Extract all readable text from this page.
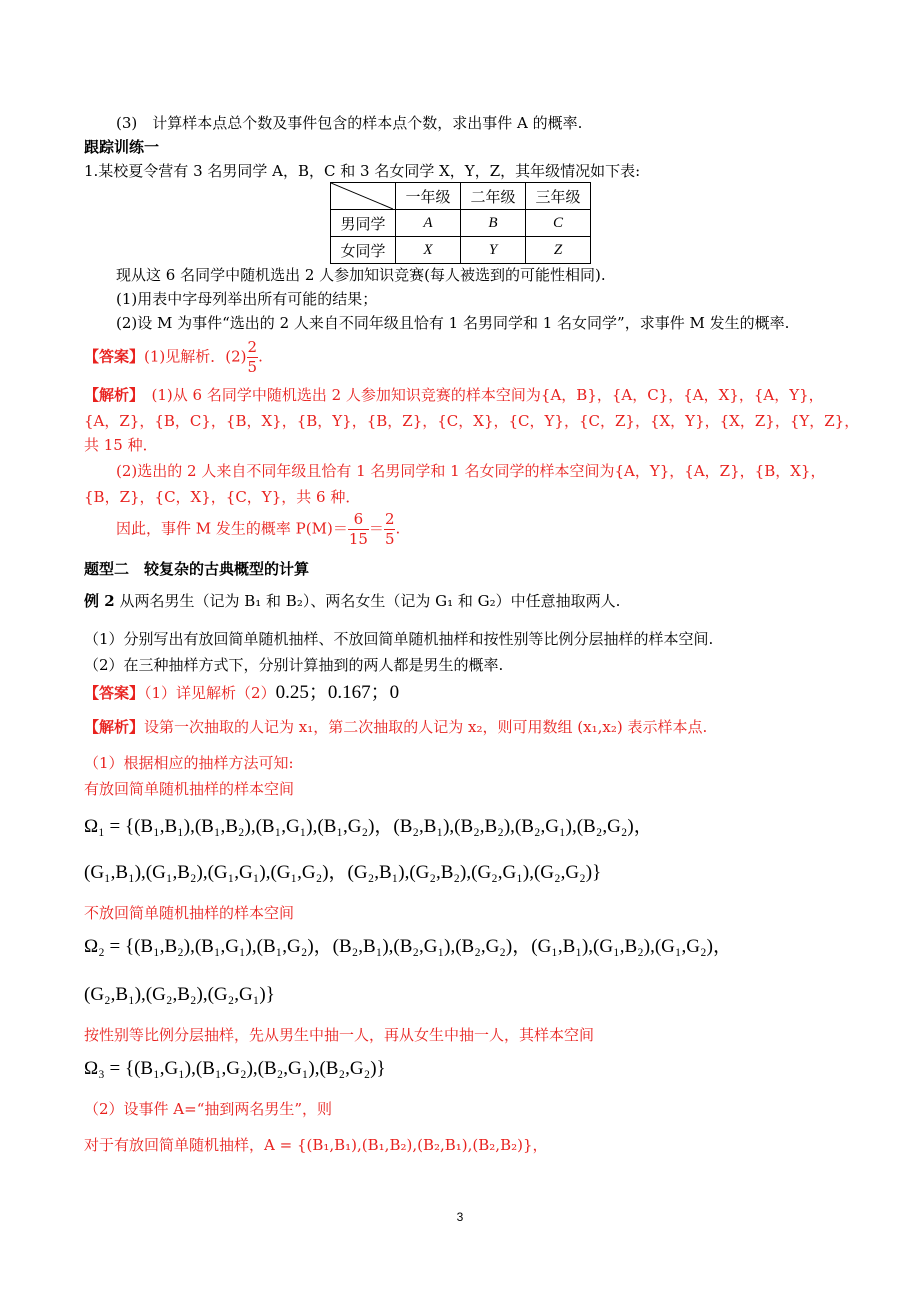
(3)　计算样本点总个数及事件包含的样本点个数，求出事件 A 的概率.
跟踪训练一
1.某校夏令营有 3 名男同学 A，B，C 和 3 名女同学 X，Y，Z，其年级情况如下表:
	一年级	二年级	三年级
男同学	A	B	C
女同学	X	Y	Z
现从这 6 名同学中随机选出 2 人参加知识竞赛(每人被选到的可能性相同).
(1)用表中字母列举出所有可能的结果；
(2)设 M 为事件“选出的 2 人来自不同年级且恰有 1 名男同学和 1 名女同学”，求事件 M 发生的概率.
【答案】(1)见解析．$(2) \frac{2}{5}$ .
【解析】　(1)从 6 名同学中随机选出 2 人参加知识竞赛的样本空间为{A，B}，{A，C}，{A，X}，{A，Y}，
{A，Z}，{B，C}，{B，X}，{B，Y}，{B，Z}，{C，X}，{C，Y}，{C，Z}，{X，Y}，{X，Z}，{Y，Z}，
共 15 种．
(2)选出的 2 人来自不同年级且恰有 1 名男同学和 1 名女同学的样本空间为{A，Y}，{A，Z}，{B，X}，
{B，Z}，{C，X}，{C，Y}，共 6 种．
因此，事件 M 发生的概率 $P(M)= \frac{6}{15} = \frac{2}{5}$ .
题型二　较复杂的古典概型的计算
例 2 从两名男生（记为 B₁ 和 B₂）、两名女生（记为 G₁ 和 G₂）中任意抽取两人.
（1）分别写出有放回简单随机抽样、不放回简单随机抽样和按性别等比例分层抽样的样本空间.
（2）在三种抽样方式下，分别计算抽到的两人都是男生的概率.
【答案】（1）详见解析（2）0.25；0.167；0
【解析】设第一次抽取的人记为 x₁，第二次抽取的人记为 x₂，则可用数组 (x₁,x₂) 表示样本点.
（1）根据相应的抽样方法可知:
有放回简单随机抽样的样本空间
Ω₁ = {(B₁,B₁),(B₁,B₂),(B₁,G₁),(B₁,G₂)，(B₂,B₁),(B₂,B₂),(B₂,G₁),(B₂,G₂)，
(G₁,B₁),(G₁,B₂),(G₁,G₁),(G₁,G₂)，(G₂,B₁),(G₂,B₂),(G₂,G₁),(G₂,G₂)}
不放回简单随机抽样的样本空间
Ω₂ = {(B₁,B₂),(B₁,G₁),(B₁,G₂)，(B₂,B₁),(B₂,G₁),(B₂,G₂)，(G₁,B₁),(G₁,B₂),(G₁,G₂)，
(G₂,B₁),(G₂,B₂),(G₂,G₁)}
按性别等比例分层抽样，先从男生中抽一人，再从女生中抽一人，其样本空间
Ω₃ = {(B₁,G₁),(B₁,G₂),(B₂,G₁),(B₂,G₂)}
（2）设事件 A=“抽到两名男生”，则
对于有放回简单随机抽样，A = {(B₁,B₁),(B₁,B₂),(B₂,B₁),(B₂,B₂)}，
3
